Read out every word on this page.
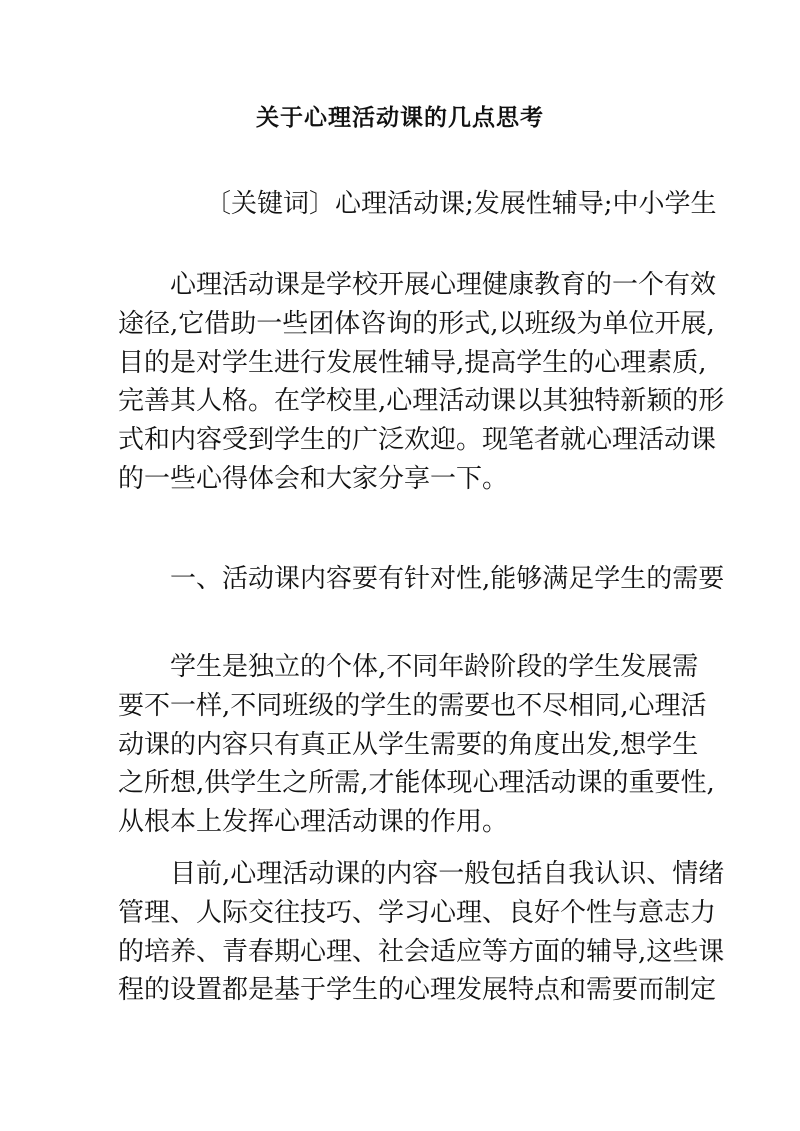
关于心理活动课的几点思考

〔关键词〕心理活动课;发展性辅导;中小学生

心理活动课是学校开展心理健康教育的一个有效
途径,它借助一些团体咨询的形式,以班级为单位开展,
目的是对学生进行发展性辅导,提高学生的心理素质,
完善其人格。在学校里,心理活动课以其独特新颖的形
式和内容受到学生的广泛欢迎。现笔者就心理活动课
的一些心得体会和大家分享一下。

一、活动课内容要有针对性,能够满足学生的需要

学生是独立的个体,不同年龄阶段的学生发展需
要不一样,不同班级的学生的需要也不尽相同,心理活
动课的内容只有真正从学生需要的角度出发,想学生
之所想,供学生之所需,才能体现心理活动课的重要性,
从根本上发挥心理活动课的作用。

目前,心理活动课的内容一般包括自我认识、情绪
管理、人际交往技巧、学习心理、良好个性与意志力
的培养、青春期心理、社会适应等方面的辅导,这些课
程的设置都是基于学生的心理发展特点和需要而制定
